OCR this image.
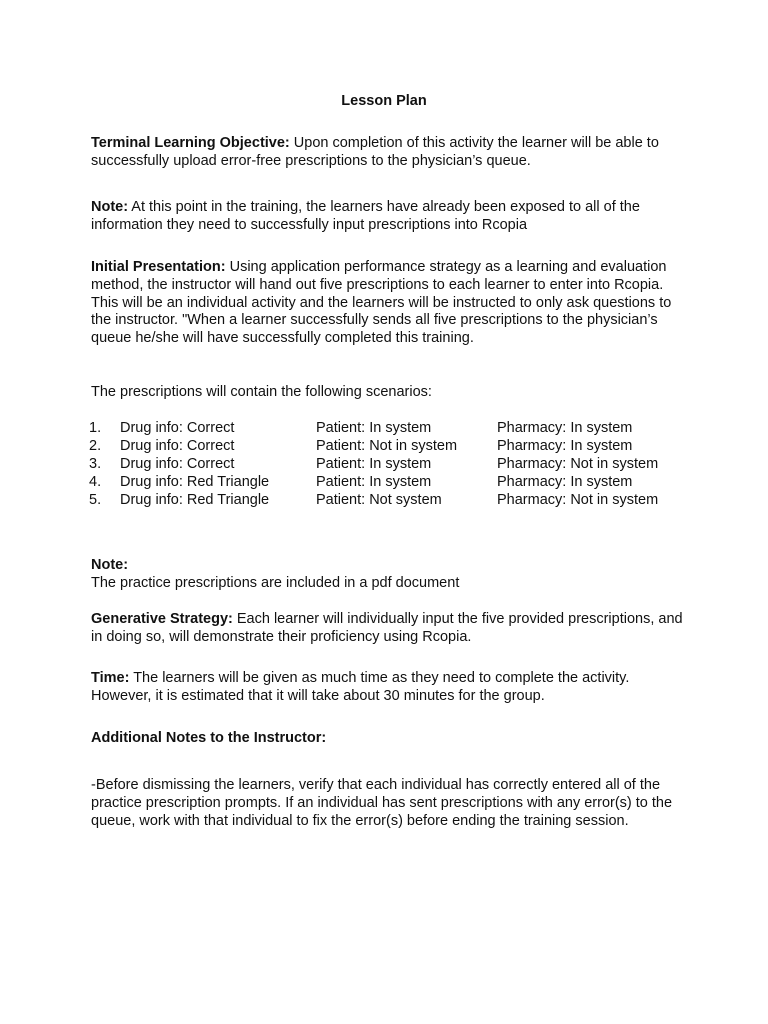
Lesson Plan
Terminal Learning Objective: Upon completion of this activity the learner will be able to successfully upload error-free prescriptions to the physician’s queue.
Note: At this point in the training, the learners have already been exposed to all of the information they need to successfully input prescriptions into Rcopia
Initial Presentation: Using application performance strategy as a learning and evaluation method, the instructor will hand out five prescriptions to each learner to enter into Rcopia. This will be an individual activity and the learners will be instructed to only ask questions to the instructor. "When a learner successfully sends all five prescriptions to the physician’s queue he/she will have successfully completed this training.
The prescriptions will contain the following scenarios:
1. Drug info: Correct	Patient: In system	Pharmacy: In system
2. Drug info: Correct	Patient: Not in system	Pharmacy: In system
3. Drug info: Correct	Patient: In system	Pharmacy: Not in system
4. Drug info: Red Triangle	Patient: In system	Pharmacy: In system
5. Drug info: Red Triangle	Patient: Not system	Pharmacy: Not in system
Note:
The practice prescriptions are included in a pdf document
Generative Strategy: Each learner will individually input the five provided prescriptions, and in doing so, will demonstrate their proficiency using Rcopia.
Time: The learners will be given as much time as they need to complete the activity. However, it is estimated that it will take about 30 minutes for the group.
Additional Notes to the Instructor:
-Before dismissing the learners, verify that each individual has correctly entered all of the practice prescription prompts. If an individual has sent prescriptions with any error(s) to the queue, work with that individual to fix the error(s) before ending the training session.
